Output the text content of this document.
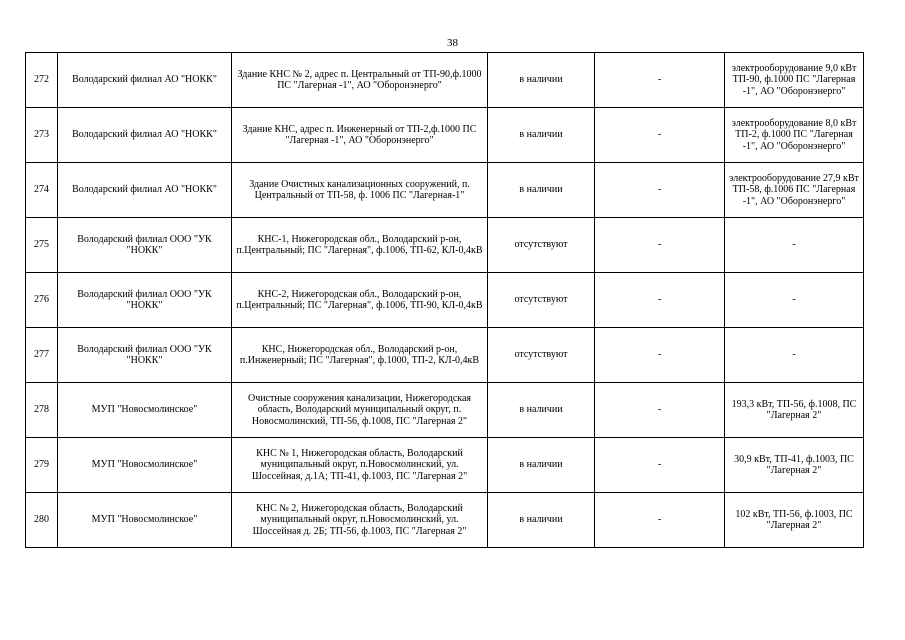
38
272	Володарский филиал АО "НОКК"	Здание КНС № 2, адрес п. Центральный от ТП-90,ф.1000 ПС "Лагерная -1", АО "Оборонэнерго"	в наличии	-	электрооборудование 9,0 кВт ТП-90, ф.1000 ПС "Лагерная -1", АО "Оборонэнерго"
273	Володарский филиал АО "НОКК"	Здание КНС, адрес п. Инженерный от ТП-2,ф.1000 ПС "Лагерная -1", АО "Оборонэнерго"	в наличии	-	электрооборудование 8,0 кВт ТП-2, ф.1000 ПС "Лагерная -1", АО "Оборонэнерго"
274	Володарский филиал АО "НОКК"	Здание Очистных канализационных сооружений, п. Центральный от ТП-58, ф. 1006 ПС "Лагерная-1"	в наличии	-	электрооборудование 27,9 кВт ТП-58, ф.1006 ПС "Лагерная -1", АО "Оборонэнерго"
275	Володарский филиал ООО "УК "НОКК"	КНС-1, Нижегородская обл., Володарский р-он, п.Центральный; ПС "Лагерная", ф.1006, ТП-62, КЛ-0,4кВ	отсутствуют	-	-
276	Володарский филиал ООО "УК "НОКК"	КНС-2, Нижегородская обл., Володарский р-он, п.Центральный; ПС "Лагерная", ф.1006, ТП-90, КЛ-0,4кВ	отсутствуют	-	-
277	Володарский филиал ООО "УК "НОКК"	КНС, Нижегородская обл., Володарский р-он, п.Инженерный; ПС "Лагерная", ф.1000, ТП-2, КЛ-0,4кВ	отсутствуют	-	-
278	МУП "Новосмолинское"	Очистные сооружения канализации, Нижегородская область, Володарский муниципальный округ, п. Новосмолинский, ТП-56, ф.1008, ПС "Лагерная 2"	в наличии	-	193,3 кВт, ТП-56, ф.1008, ПС "Лагерная 2"
279	МУП "Новосмолинское"	КНС № 1, Нижегородская область, Володарский муниципальный округ, п.Новосмолинский, ул. Шоссейная, д.1А; ТП-41, ф.1003, ПС "Лагерная 2"	в наличии	-	30,9 кВт, ТП-41, ф.1003, ПС "Лагерная 2"
280	МУП "Новосмолинское"	КНС № 2, Нижегородская область, Володарский муниципальный округ, п.Новосмолинский, ул. Шоссейная д. 2Б; ТП-56, ф.1003, ПС "Лагерная 2"	в наличии	-	102 кВт, ТП-56, ф.1003, ПС "Лагерная 2"
